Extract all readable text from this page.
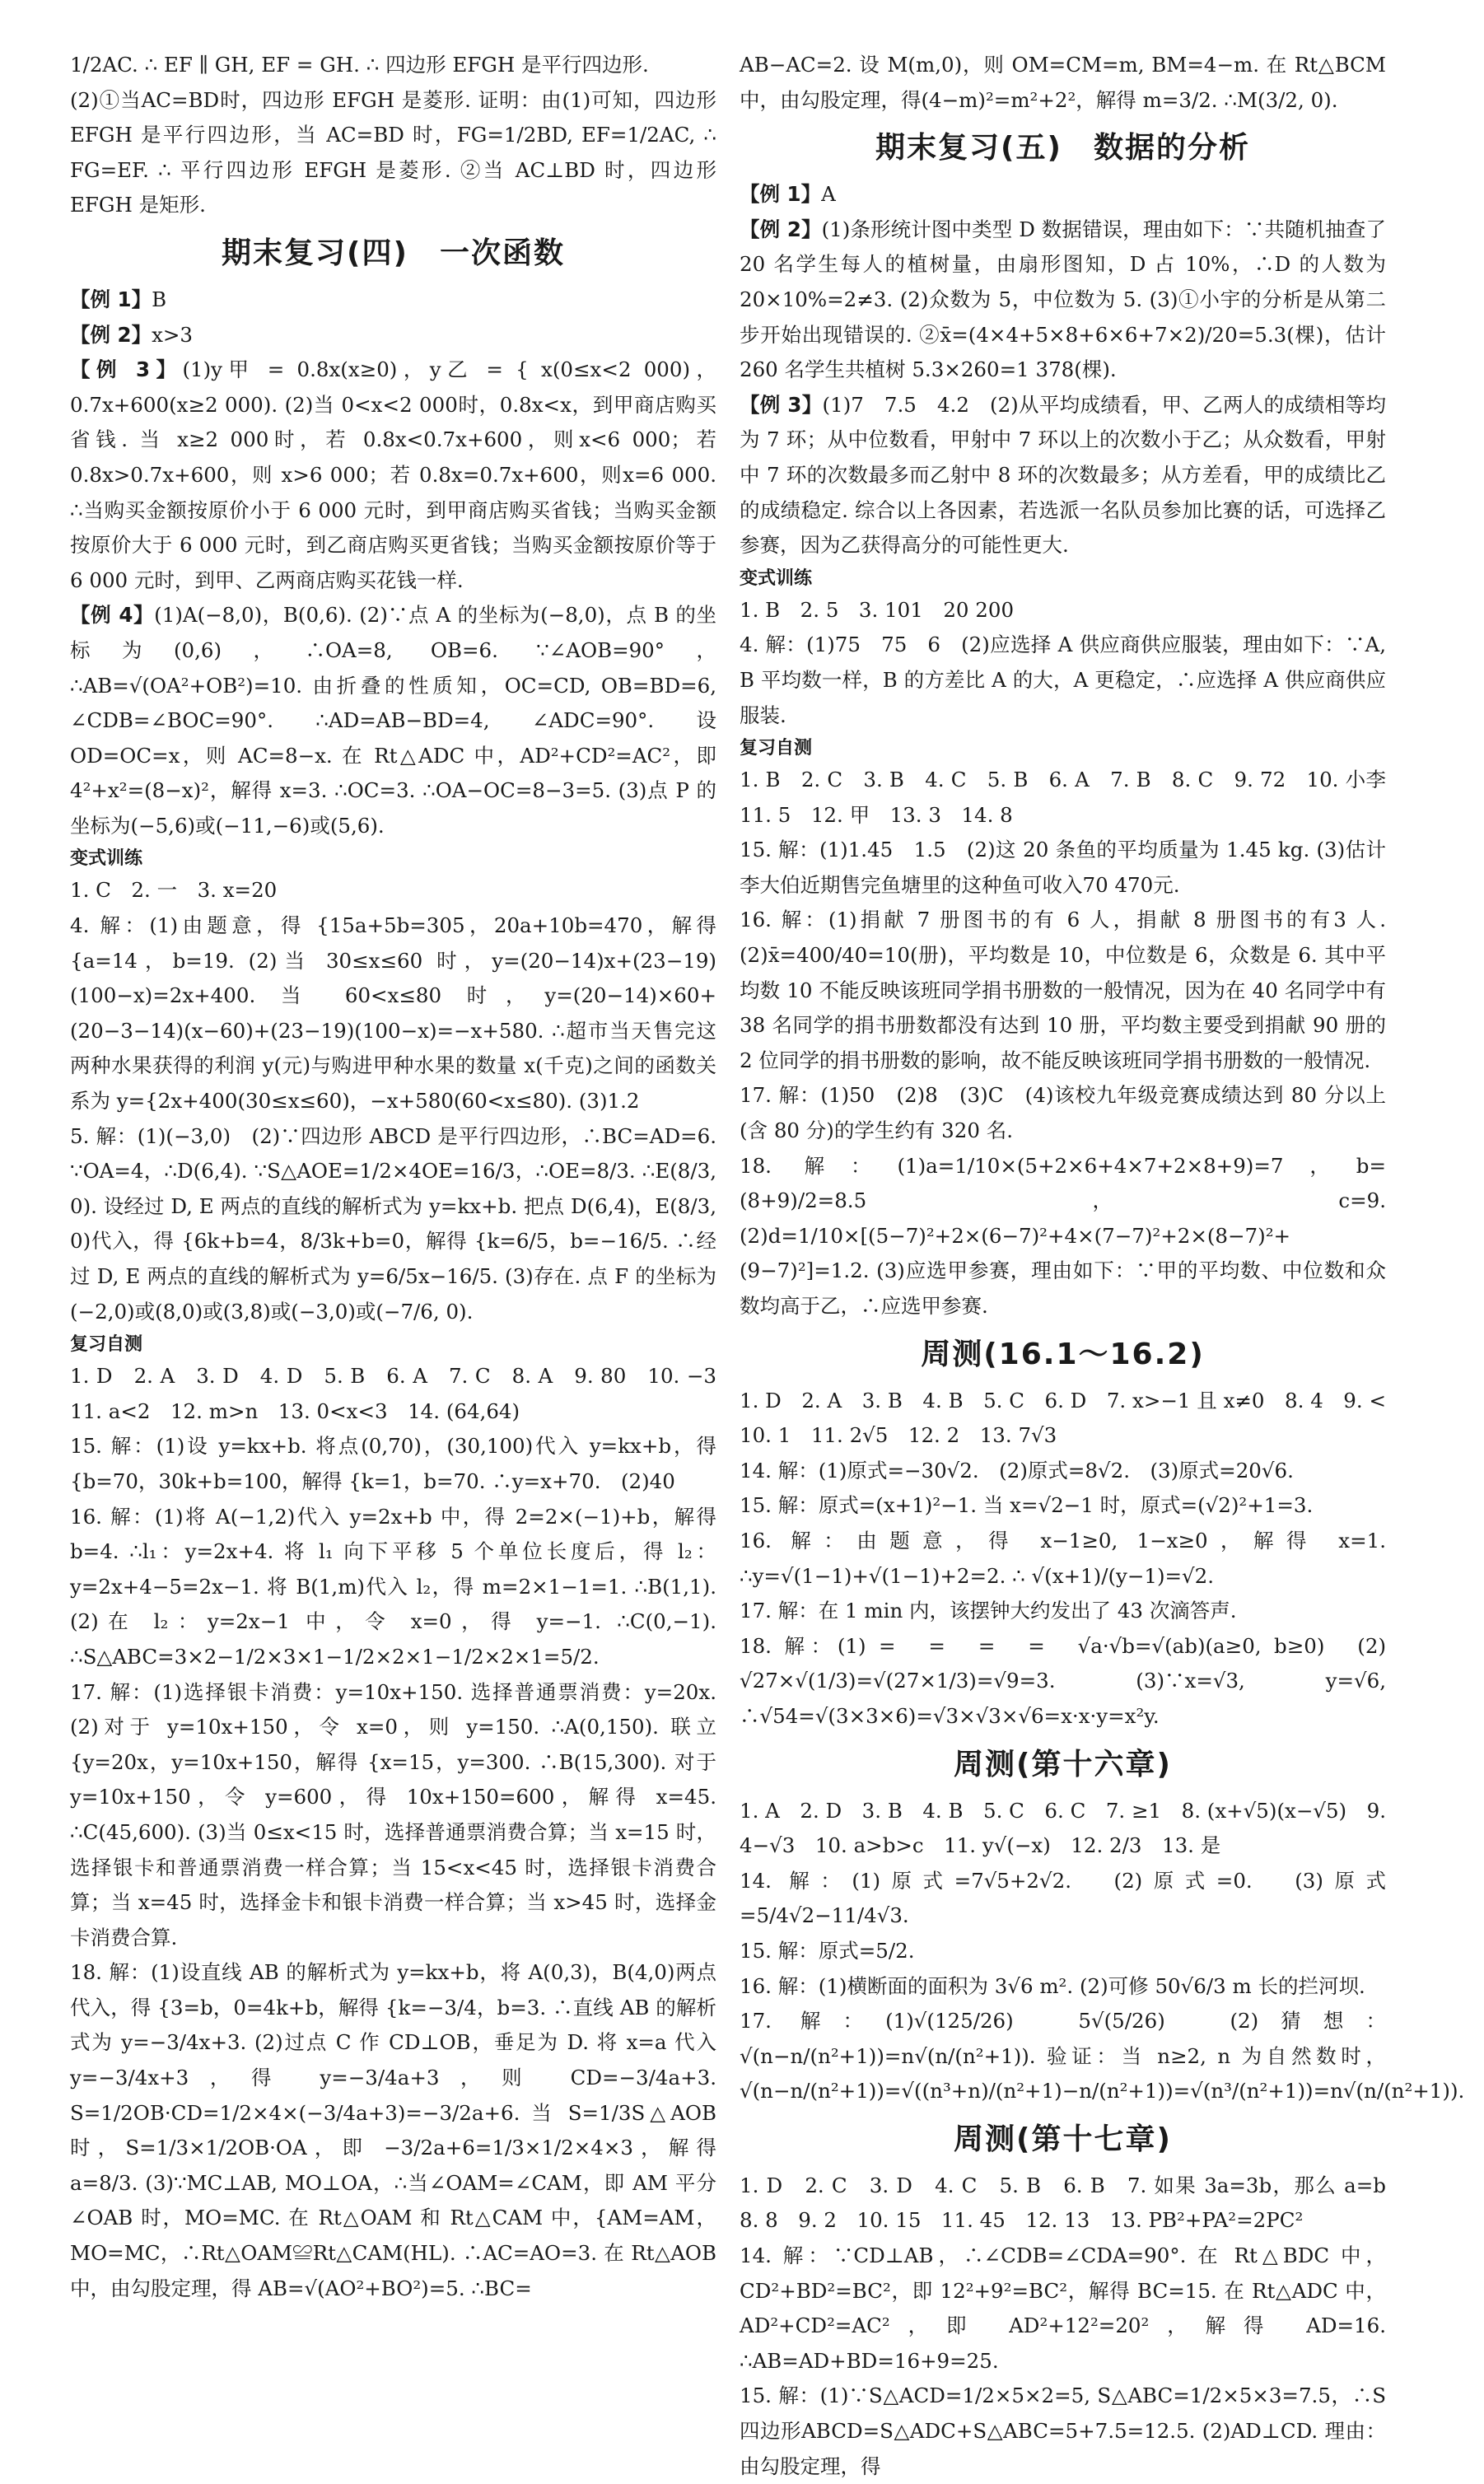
1/2AC. ∴ EF ∥ GH, EF = GH. ∴ 四边形 EFGH 是平行四边形.

(2)①当AC=BD时，四边形 EFGH 是菱形. 证明：由(1)可知，四边形 EFGH 是平行四边形，当 AC=BD 时，FG=1/2BD, EF=1/2AC, ∴ FG=EF. ∴ 平行四边形 EFGH 是菱形. ②当 AC⊥BD 时，四边形 EFGH 是矩形.

期末复习(四)　一次函数

【例 1】B

【例 2】x>3

【例 3】(1)y甲 = 0.8x(x≥0)，y乙 = { x(0≤x<2 000)，0.7x+600(x≥2 000). (2)当 0<x<2 000时，0.8x<x，到甲商店购买省钱. 当 x≥2 000时，若 0.8x<0.7x+600，则x<6 000；若 0.8x>0.7x+600，则 x>6 000；若 0.8x=0.7x+600，则x=6 000. ∴当购买金额按原价小于 6 000 元时，到甲商店购买省钱；当购买金额按原价大于 6 000 元时，到乙商店购买更省钱；当购买金额按原价等于 6 000 元时，到甲、乙两商店购买花钱一样.

【例 4】(1)A(−8,0)，B(0,6). (2)∵点 A 的坐标为(−8,0)，点 B 的坐标为(0,6)，∴OA=8, OB=6. ∵∠AOB=90°，∴AB=√(OA²+OB²)=10. 由折叠的性质知，OC=CD, OB=BD=6, ∠CDB=∠BOC=90°. ∴AD=AB−BD=4, ∠ADC=90°. 设 OD=OC=x，则 AC=8−x. 在 Rt△ADC 中，AD²+CD²=AC²，即 4²+x²=(8−x)²，解得 x=3. ∴OC=3. ∴OA−OC=8−3=5. (3)点 P 的坐标为(−5,6)或(−11,−6)或(5,6).

变式训练

1. C　2. 一　3. x=20

4. 解：(1)由题意，得 {15a+5b=305，20a+10b=470，解得 {a=14，b=19. (2)当 30≤x≤60 时，y=(20−14)x+(23−19)(100−x)=2x+400. 当 60<x≤80 时，y=(20−14)×60+(20−3−14)(x−60)+(23−19)(100−x)=−x+580. ∴超市当天售完这两种水果获得的利润 y(元)与购进甲种水果的数量 x(千克)之间的函数关系为 y={2x+400(30≤x≤60)，−x+580(60<x≤80). (3)1.2

5. 解：(1)(−3,0)　(2)∵四边形 ABCD 是平行四边形，∴BC=AD=6. ∵OA=4，∴D(6,4). ∵S△AOE=1/2×4OE=16/3，∴OE=8/3. ∴E(8/3, 0). 设经过 D, E 两点的直线的解析式为 y=kx+b. 把点 D(6,4)，E(8/3, 0)代入，得 {6k+b=4，8/3k+b=0，解得 {k=6/5，b=−16/5. ∴经过 D, E 两点的直线的解析式为 y=6/5x−16/5. (3)存在. 点 F 的坐标为(−2,0)或(8,0)或(3,8)或(−3,0)或(−7/6, 0).

复习自测

1. D　2. A　3. D　4. D　5. B　6. A　7. C　8. A　9. 80　10. −3　11. a<2　12. m>n　13. 0<x<3　14. (64,64)

15. 解：(1)设 y=kx+b. 将点(0,70)，(30,100)代入 y=kx+b，得 {b=70，30k+b=100，解得 {k=1，b=70. ∴y=x+70.　(2)40

16. 解：(1)将 A(−1,2)代入 y=2x+b 中，得 2=2×(−1)+b，解得 b=4. ∴l₁：y=2x+4. 将 l₁ 向下平移 5 个单位长度后，得 l₂：y=2x+4−5=2x−1. 将 B(1,m)代入 l₂，得 m=2×1−1=1. ∴B(1,1). (2)在 l₂：y=2x−1 中，令 x=0，得 y=−1. ∴C(0,−1). ∴S△ABC=3×2−1/2×3×1−1/2×2×1−1/2×2×1=5/2.

17. 解：(1)选择银卡消费：y=10x+150. 选择普通票消费：y=20x. (2)对于 y=10x+150，令 x=0，则 y=150. ∴A(0,150). 联立 {y=20x，y=10x+150，解得 {x=15，y=300. ∴B(15,300). 对于 y=10x+150，令 y=600，得 10x+150=600，解得 x=45. ∴C(45,600). (3)当 0≤x<15 时，选择普通票消费合算；当 x=15 时，选择银卡和普通票消费一样合算；当 15<x<45 时，选择银卡消费合算；当 x=45 时，选择金卡和银卡消费一样合算；当 x>45 时，选择金卡消费合算.

18. 解：(1)设直线 AB 的解析式为 y=kx+b，将 A(0,3)，B(4,0)两点代入，得 {3=b，0=4k+b，解得 {k=−3/4，b=3. ∴直线 AB 的解析式为 y=−3/4x+3. (2)过点 C 作 CD⊥OB，垂足为 D. 将 x=a 代入 y=−3/4x+3，得 y=−3/4a+3，则 CD=−3/4a+3. S=1/2OB·CD=1/2×4×(−3/4a+3)=−3/2a+6. 当 S=1/3S△AOB 时，S=1/3×1/2OB·OA，即 −3/2a+6=1/3×1/2×4×3，解得 a=8/3. (3)∵MC⊥AB, MO⊥OA，∴当∠OAM=∠CAM，即 AM 平分∠OAB 时，MO=MC. 在 Rt△OAM 和 Rt△CAM 中，{AM=AM，MO=MC，∴Rt△OAM≌Rt△CAM(HL). ∴AC=AO=3. 在 Rt△AOB 中，由勾股定理，得 AB=√(AO²+BO²)=5. ∴BC=

AB−AC=2. 设 M(m,0)，则 OM=CM=m, BM=4−m. 在 Rt△BCM 中，由勾股定理，得(4−m)²=m²+2²，解得 m=3/2. ∴M(3/2, 0).

期末复习(五)　数据的分析

【例 1】A

【例 2】(1)条形统计图中类型 D 数据错误，理由如下：∵共随机抽查了 20 名学生每人的植树量，由扇形图知，D 占 10%，∴D 的人数为 20×10%=2≠3. (2)众数为 5，中位数为 5. (3)①小宇的分析是从第二步开始出现错误的. ②x̄=(4×4+5×8+6×6+7×2)/20=5.3(棵)，估计 260 名学生共植树 5.3×260=1 378(棵).

【例 3】(1)7　7.5　4.2　(2)从平均成绩看，甲、乙两人的成绩相等均为 7 环；从中位数看，甲射中 7 环以上的次数小于乙；从众数看，甲射中 7 环的次数最多而乙射中 8 环的次数最多；从方差看，甲的成绩比乙的成绩稳定. 综合以上各因素，若选派一名队员参加比赛的话，可选择乙参赛，因为乙获得高分的可能性更大.

变式训练

1. B　2. 5　3. 101　20 200

4. 解：(1)75　75　6　(2)应选择 A 供应商供应服装，理由如下：∵A, B 平均数一样，B 的方差比 A 的大，A 更稳定，∴应选择 A 供应商供应服装.

复习自测

1. B　2. C　3. B　4. C　5. B　6. A　7. B　8. C　9. 72　10. 小李　11. 5　12. 甲　13. 3　14. 8

15. 解：(1)1.45　1.5　(2)这 20 条鱼的平均质量为 1.45 kg. (3)估计李大伯近期售完鱼塘里的这种鱼可收入70 470元.

16. 解：(1)捐献 7 册图书的有 6 人，捐献 8 册图书的有3 人. (2)x̄=400/40=10(册)，平均数是 10，中位数是 6，众数是 6. 其中平均数 10 不能反映该班同学捐书册数的一般情况，因为在 40 名同学中有 38 名同学的捐书册数都没有达到 10 册，平均数主要受到捐献 90 册的 2 位同学的捐书册数的影响，故不能反映该班同学捐书册数的一般情况.

17. 解：(1)50　(2)8　(3)C　(4)该校九年级竞赛成绩达到 80 分以上(含 80 分)的学生约有 320 名.

18. 解：(1)a=1/10×(5+2×6+4×7+2×8+9)=7，b=(8+9)/2=8.5，c=9. (2)d=1/10×[(5−7)²+2×(6−7)²+4×(7−7)²+2×(8−7)²+(9−7)²]=1.2. (3)应选甲参赛，理由如下：∵甲的平均数、中位数和众数均高于乙，∴应选甲参赛.

周测(16.1～16.2)

1. D　2. A　3. B　4. B　5. C　6. D　7. x>−1 且 x≠0　8. 4　9. <　10. 1　11. 2√5　12. 2　13. 7√3

14. 解：(1)原式=−30√2.　(2)原式=8√2.　(3)原式=20√6.

15. 解：原式=(x+1)²−1. 当 x=√2−1 时，原式=(√2)²+1=3.

16. 解：由题意，得 x−1≥0, 1−x≥0，解得 x=1. ∴y=√(1−1)+√(1−1)+2=2. ∴ √(x+1)/(y−1)=√2.

17. 解：在 1 min 内，该摆钟大约发出了 43 次滴答声.

18. 解：(1) =　=　=　=　√a·√b=√(ab)(a≥0, b≥0)　(2) √27×√(1/3)=√(27×1/3)=√9=3. (3)∵x=√3, y=√6, ∴√54=√(3×3×6)=√3×√3×√6=x·x·y=x²y.

周测(第十六章)

1. A　2. D　3. B　4. B　5. C　6. C　7. ≥1　8. (x+√5)(x−√5)　9. 4−√3　10. a>b>c　11. y√(−x)　12. 2/3　13. 是

14. 解：(1)原式=7√5+2√2.　(2)原式=0.　(3)原式=5/4√2−11/4√3.

15. 解：原式=5/2.

16. 解：(1)横断面的面积为 3√6 m². (2)可修 50√6/3 m 长的拦河坝.

17. 解：(1)√(125/26)　5√(5/26)　(2)猜想：√(n−n/(n²+1))=n√(n/(n²+1)). 验证：当 n≥2, n 为自然数时，√(n−n/(n²+1))=√((n³+n)/(n²+1)−n/(n²+1))=√(n³/(n²+1))=n√(n/(n²+1)).

周测(第十七章)

1. D　2. C　3. D　4. C　5. B　6. B　7. 如果 3a=3b，那么 a=b　8. 8　9. 2　10. 15　11. 45　12. 13　13. PB²+PA²=2PC²

14. 解：∵CD⊥AB，∴∠CDB=∠CDA=90°. 在 Rt△BDC 中，CD²+BD²=BC²，即 12²+9²=BC²，解得 BC=15. 在 Rt△ADC 中，AD²+CD²=AC²，即 AD²+12²=20²，解得 AD=16. ∴AB=AD+BD=16+9=25.

15. 解：(1)∵S△ACD=1/2×5×2=5, S△ABC=1/2×5×3=7.5，∴S四边形ABCD=S△ADC+S△ABC=5+7.5=12.5. (2)AD⊥CD. 理由：由勾股定理，得
